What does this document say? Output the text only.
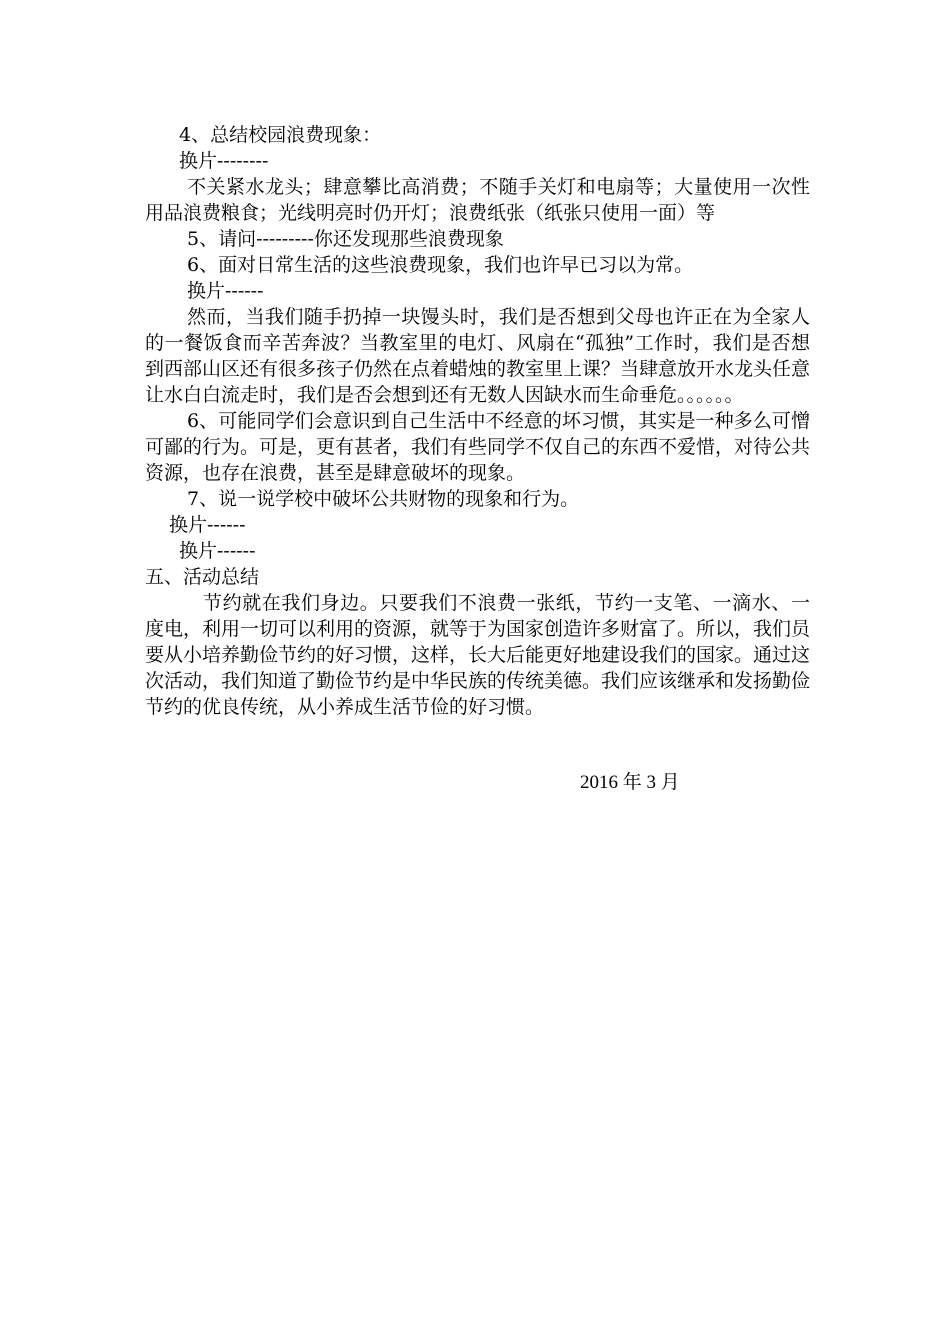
4、总结校园浪费现象：
换片--------
不关紧水龙头；肆意攀比高消费；不随手关灯和电扇等；大量使用一次性用品浪费粮食；光线明亮时仍开灯；浪费纸张（纸张只使用一面）等
5、请问---------你还发现那些浪费现象
6、面对日常生活的这些浪费现象，我们也许早已习以为常。
换片------
然而，当我们随手扔掉一块馒头时，我们是否想到父母也许正在为全家人的一餐饭食而辛苦奔波？当教室里的电灯、风扇在“孤独”工作时，我们是否想到西部山区还有很多孩子仍然在点着蜡烛的教室里上课？当肆意放开水龙头任意让水白白流走时，我们是否会想到还有无数人因缺水而生命垂危。。。。。。
6、可能同学们会意识到自己生活中不经意的坏习惯，其实是一种多么可憎可鄙的行为。可是，更有甚者，我们有些同学不仅自己的东西不爱惜，对待公共资源，也存在浪费，甚至是肆意破坏的现象。
7、说一说学校中破坏公共财物的现象和行为。
换片------
换片------
五、活动总结
节约就在我们身边。只要我们不浪费一张纸，节约一支笔、一滴水、一度电，利用一切可以利用的资源，就等于为国家创造许多财富了。所以，我们员要从小培养勤俭节约的好习惯，这样，长大后能更好地建设我们的国家。通过这次活动，我们知道了勤俭节约是中华民族的传统美德。我们应该继承和发扬勤俭节约的优良传统，从小养成生活节俭的好习惯。
2016 年 3 月
